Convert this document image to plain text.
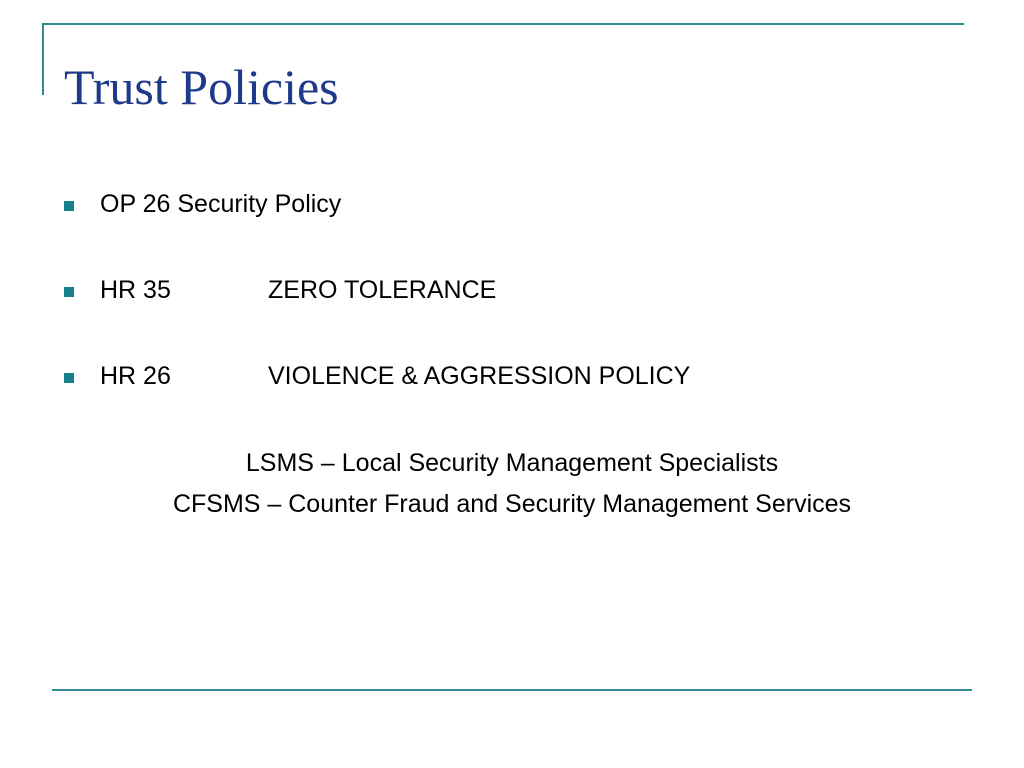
Trust Policies
OP 26 Security Policy
HR 35	ZERO TOLERANCE
HR 26	VIOLENCE & AGGRESSION POLICY
LSMS – Local Security Management Specialists
CFSMS – Counter Fraud and Security Management Services
